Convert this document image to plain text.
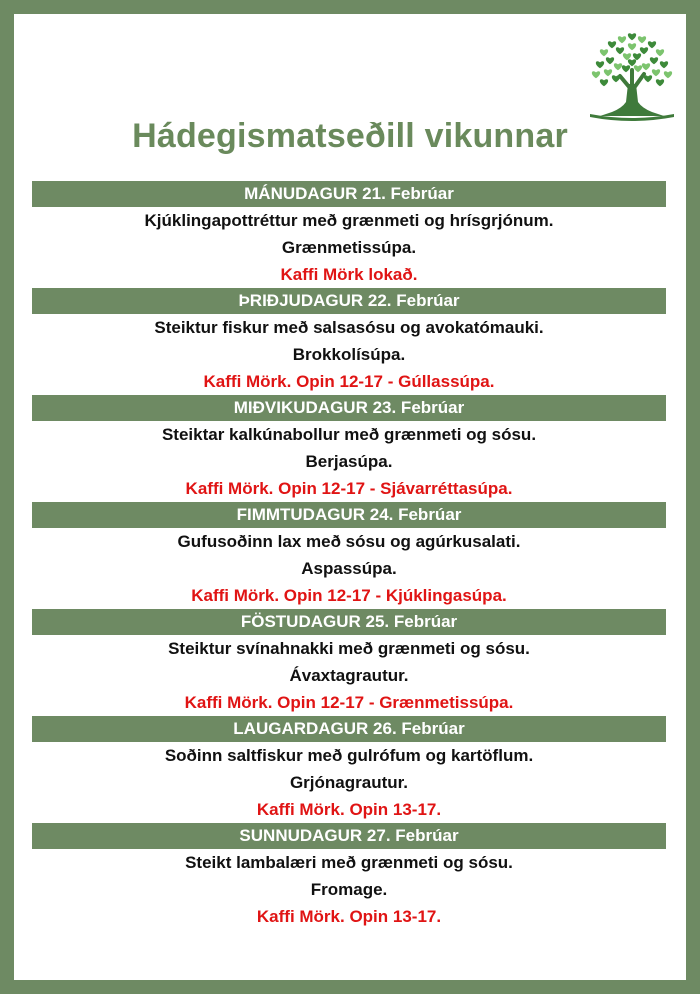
Hádegismatseðill vikunnar
MÁNUDAGUR 21. Febrúar
Kjúklingapottréttur með grænmeti og hrísgrjónum.
Grænmetissúpa.
Kaffi Mörk lokað.
ÞRIÐJUDAGUR 22. Febrúar
Steiktur fiskur með salsasósu og avokatómauki.
Brokkolísúpa.
Kaffi Mörk. Opin 12-17 - Gúllassúpa.
MIÐVIKUDAGUR 23. Febrúar
Steiktar kalkúnabollur með grænmeti og sósu.
Berjasúpa.
Kaffi Mörk. Opin 12-17 - Sjávarréttasúpa.
FIMMTUDAGUR 24. Febrúar
Gufusoðinn lax með sósu og agúrkusalati.
Aspassúpa.
Kaffi Mörk. Opin 12-17 - Kjúklingasúpa.
FÖSTUDAGUR 25. Febrúar
Steiktur svínahnakki með grænmeti og sósu.
Ávaxtagrautur.
Kaffi Mörk. Opin 12-17 - Grænmetissúpa.
LAUGARDAGUR 26. Febrúar
Soðinn saltfiskur með gulrófum og kartöflum.
Grjónagrautur.
Kaffi Mörk. Opin 13-17.
SUNNUDAGUR 27. Febrúar
Steikt lambalæri með grænmeti og sósu.
Fromage.
Kaffi Mörk. Opin 13-17.
